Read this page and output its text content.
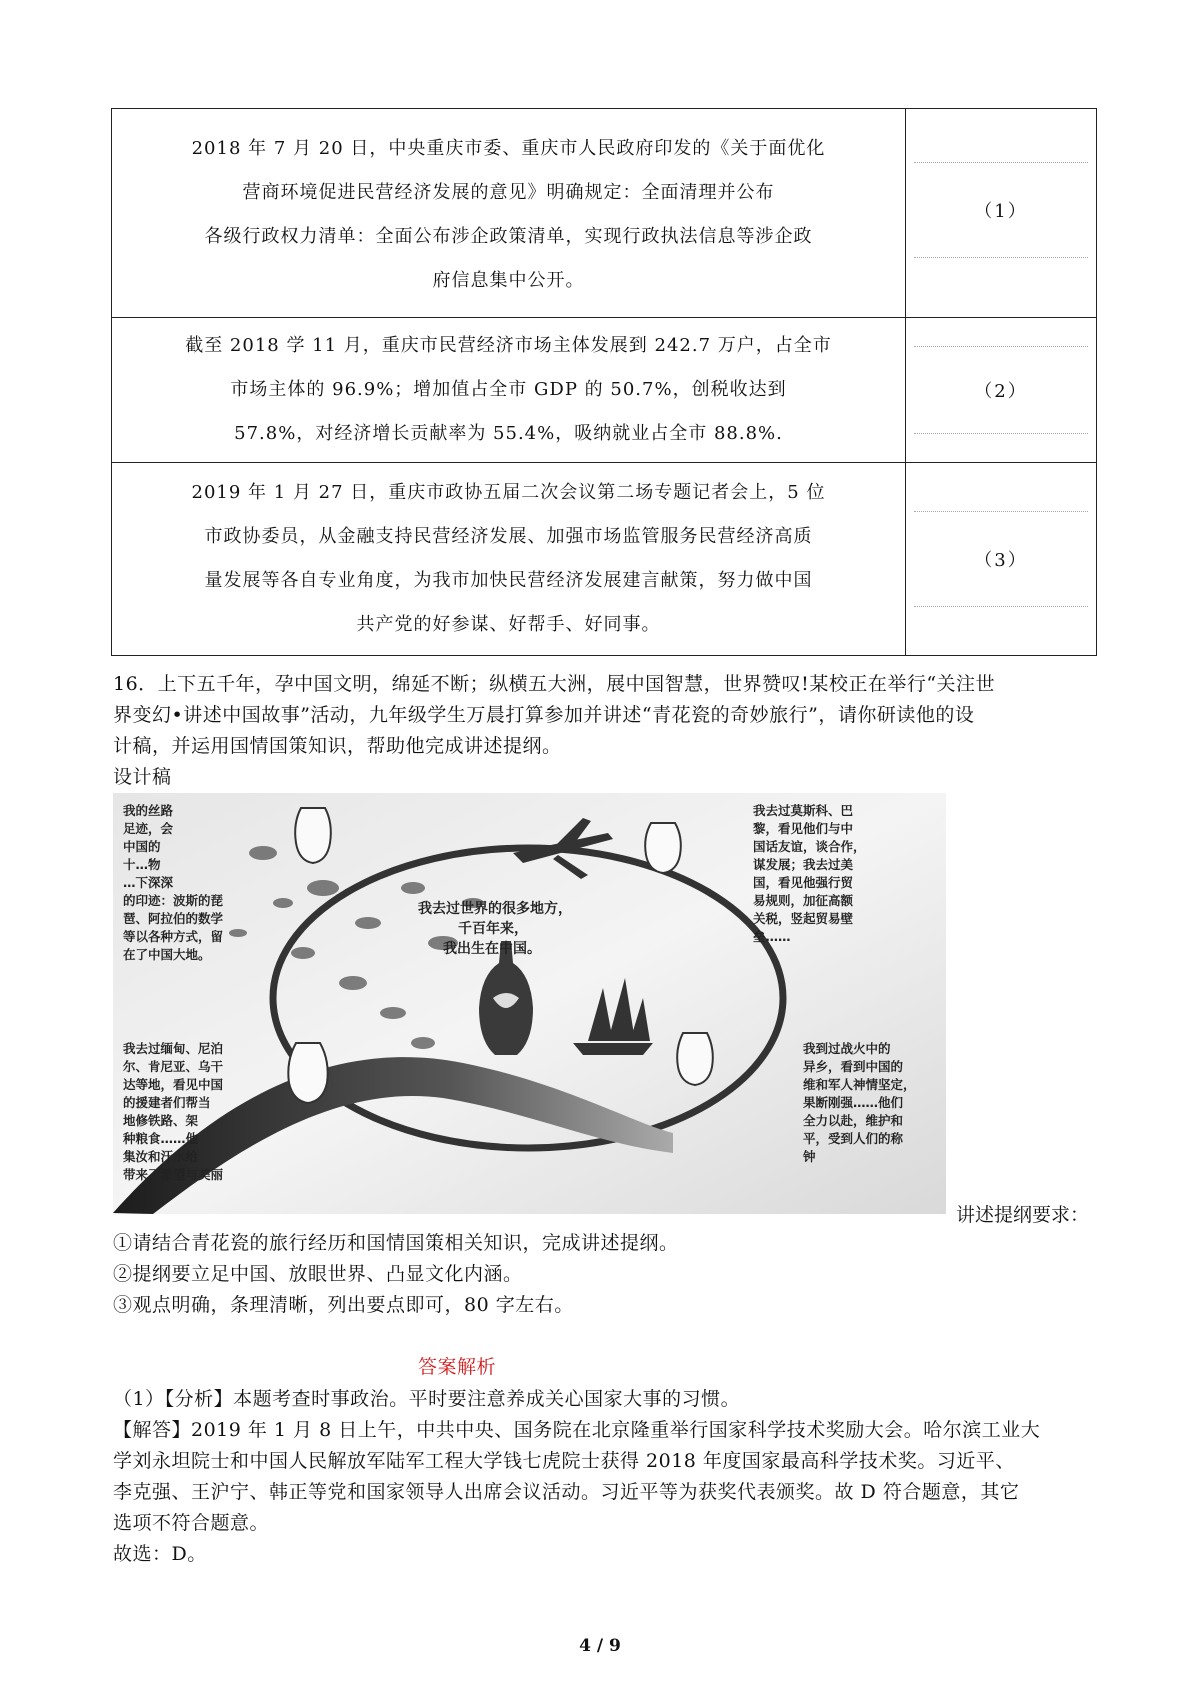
2018 年 7 月 20 日，中央重庆市委、重庆市人民政府印发的《关于面优化
营商环境促进民营经济发展的意见》明确规定：全面清理并公布
各级行政权力清单：全面公布涉企政策清单，实现行政执法信息等涉企政
府信息集中公开。	（1）

截至 2018 学 11 月，重庆市民营经济市场主体发展到 242.7 万户，占全市
市场主体的 96.9%；增加值占全市 GDP 的 50.7%，创税收达到
57.8%，对经济增长贡献率为 55.4%，吸纳就业占全市 88.8%.	（2）

2019 年 1 月 27 日，重庆市政协五届二次会议第二场专题记者会上，5 位
市政协委员，从金融支持民营经济发展、加强市场监管服务民营经济高质
量发展等各自专业角度，为我市加快民营经济发展建言献策，努力做中国
共产党的好参谋、好帮手、好同事。	（3）
16．上下五千年，孕中国文明，绵延不断；纵横五大洲，展中国智慧，世界赞叹!某校正在举行“关注世
界变幻•讲述中国故事”活动，九年级学生万晨打算参加并讲述“青花瓷的奇妙旅行”，请你研读他的设
计稿，并运用国情国策知识，帮助他完成讲述提纲。
设计稿
我的丝路 足迹，会 中国的 十…物 …下深深 的印迹：波斯的琵 琶、阿拉伯的数学 等以各种方式，留 在了中国大地。
我去过世界的很多地方， 千百年来， 我出生在中国。
我去过莫斯科、巴 黎，看见他们与中 国话友谊，谈合作， 谋发展；我去过美 国，看见他强行贸 易规则，加征高额 关税，竖起贸易壁 垒……
我去过缅甸、尼泊 尔、肯尼亚、乌干 达等地，看见中国 的援建者们帮当 地修铁路、架 种粮食……他 集汝和汗水给 带来了希望与美丽
我到过战火中的 异乡，看到中国的 维和军人神情坚定， 果断刚强……他们 全力以赴，维护和 平，受到人们的称 钟
讲述提纲要求：
①请结合青花瓷的旅行经历和国情国策相关知识，完成讲述提纲。
②提纲要立足中国、放眼世界、凸显文化内涵。
③观点明确，条理清晰，列出要点即可，80 字左右。
答案解析
（1）【分析】本题考查时事政治。平时要注意养成关心国家大事的习惯。
【解答】2019 年 1 月 8 日上午，中共中央、国务院在北京隆重举行国家科学技术奖励大会。哈尔滨工业大
学刘永坦院士和中国人民解放军陆军工程大学钱七虎院士获得 2018 年度国家最高科学技术奖。习近平、
李克强、王沪宁、韩正等党和国家领导人出席会议活动。习近平等为获奖代表颁奖。故 D 符合题意，其它
选项不符合题意。
故选：D。
4 / 9
